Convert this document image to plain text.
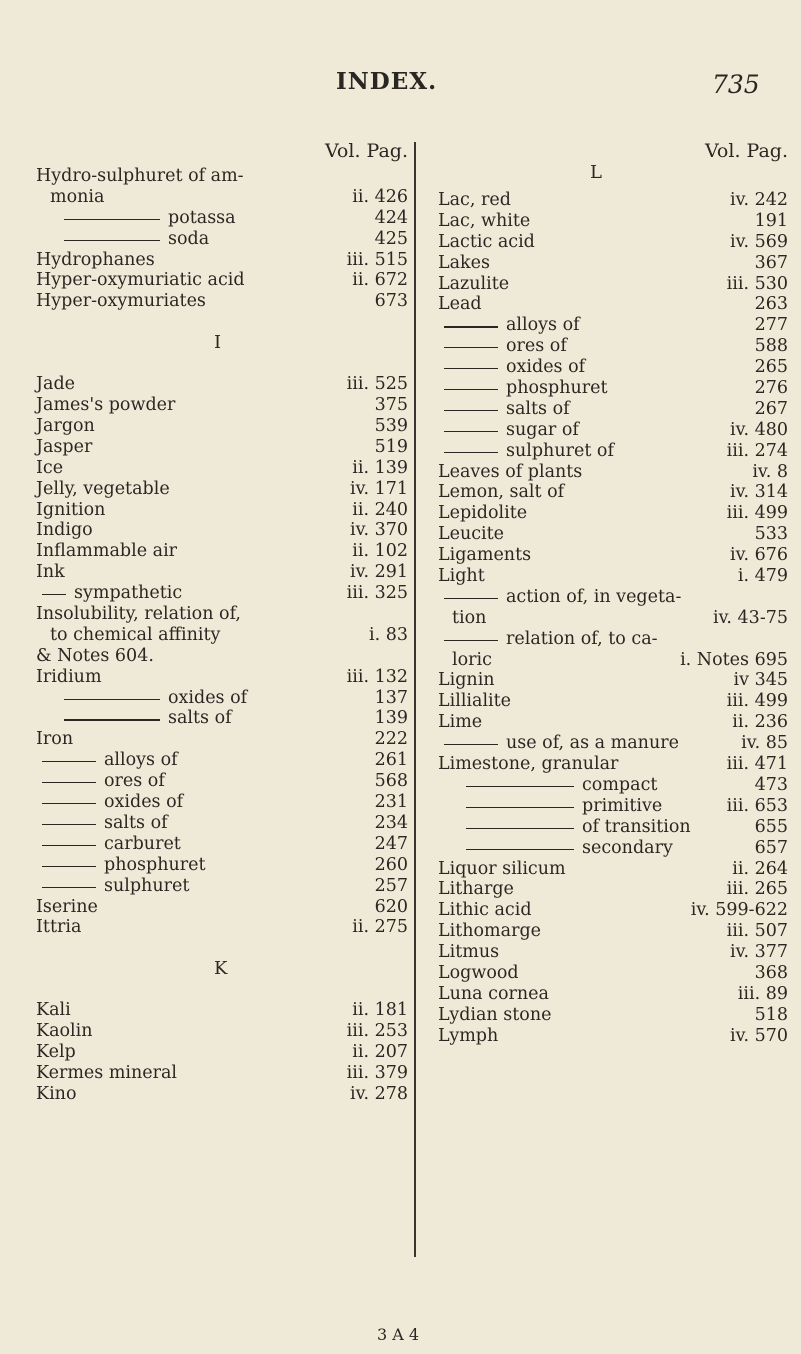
INDEX.	735
Vol. Pag.
Hydro-sulphuret of am-
monia	ii. 426
potassa	424
soda	425
Hydrophanes	iii. 515
Hyper-oxymuriatic acid	ii. 672
Hyper-oxymuriates	673
I
Jade	iii. 525
James's powder	375
Jargon	539
Jasper	519
Ice	ii. 139
Jelly, vegetable	iv. 171
Ignition	ii. 240
Indigo	iv. 370
Inflammable air	ii. 102
Ink	iv. 291
sympathetic	iii. 325
Insolubility, relation of,
to chemical affinity	i. 83
& Notes 604.
Iridium	iii. 132
oxides of	137
salts of	139
Iron	222
alloys of	261
ores of	568
oxides of	231
salts of	234
carburet	247
phosphuret	260
sulphuret	257
Iserine	620
Ittria	ii. 275
K
Kali	ii. 181
Kaolin	iii. 253
Kelp	ii. 207
Kermes mineral	iii. 379
Kino	iv. 278
Vol. Pag.
L
Lac, red	iv. 242
Lac, white	191
Lactic acid	iv. 569
Lakes	367
Lazulite	iii. 530
Lead	263
alloys of	277
ores of	588
oxides of	265
phosphuret	276
salts of	267
sugar of	iv. 480
sulphuret of	iii. 274
Leaves of plants	iv. 8
Lemon, salt of	iv. 314
Lepidolite	iii. 499
Leucite	533
Ligaments	iv. 676
Light	i. 479
action of, in vegeta-
tion	iv. 43-75
relation of, to ca-
loric	i. Notes 695
Lignin	iv 345
Lillialite	iii. 499
Lime	ii. 236
use of, as a manure	iv. 85
Limestone, granular	iii. 471
compact	473
primitive	iii. 653
of transition	655
secondary	657
Liquor silicum	ii. 264
Litharge	iii. 265
Lithic acid	iv. 599-622
Lithomarge	iii. 507
Litmus	iv. 377
Logwood	368
Luna cornea	iii. 89
Lydian stone	518
Lymph	iv. 570
3 A 4
